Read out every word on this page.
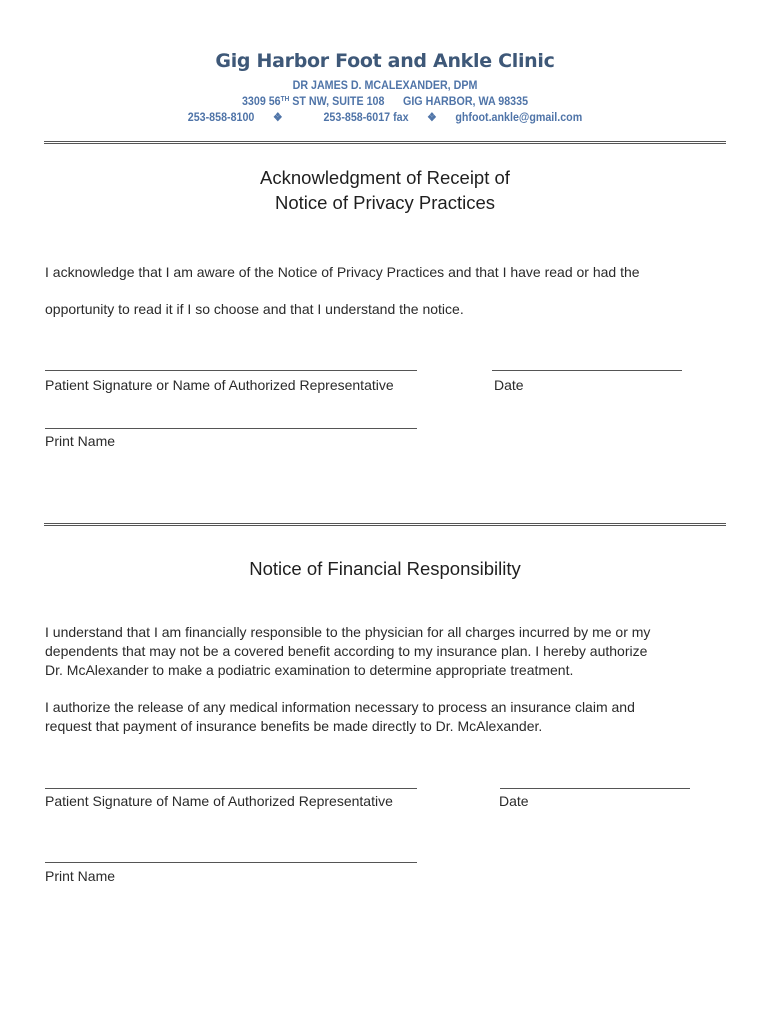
Gig Harbor Foot and Ankle Clinic
DR JAMES D. MCALEXANDER, DPM
3309 56TH ST NW, SUITE 108 GIG HARBOR, WA 98335
253-858-8100 ❖	253-858-6017 fax ❖ ghfoot.ankle@gmail.com
Acknowledgment of Receipt of
Notice of Privacy Practices
I acknowledge that I am aware of the Notice of Privacy Practices and that I have read or had the
opportunity to read it if I so choose and that I understand the notice.
Patient Signature or Name of Authorized Representative	Date
Print Name
Notice of Financial Responsibility
I understand that I am financially responsible to the physician for all charges incurred by me or my
dependents that may not be a covered benefit according to my insurance plan. I hereby authorize
Dr. McAlexander to make a podiatric examination to determine appropriate treatment.
I authorize the release of any medical information necessary to process an insurance claim and
request that payment of insurance benefits be made directly to Dr. McAlexander.
Patient Signature of Name of Authorized Representative	Date
Print Name
